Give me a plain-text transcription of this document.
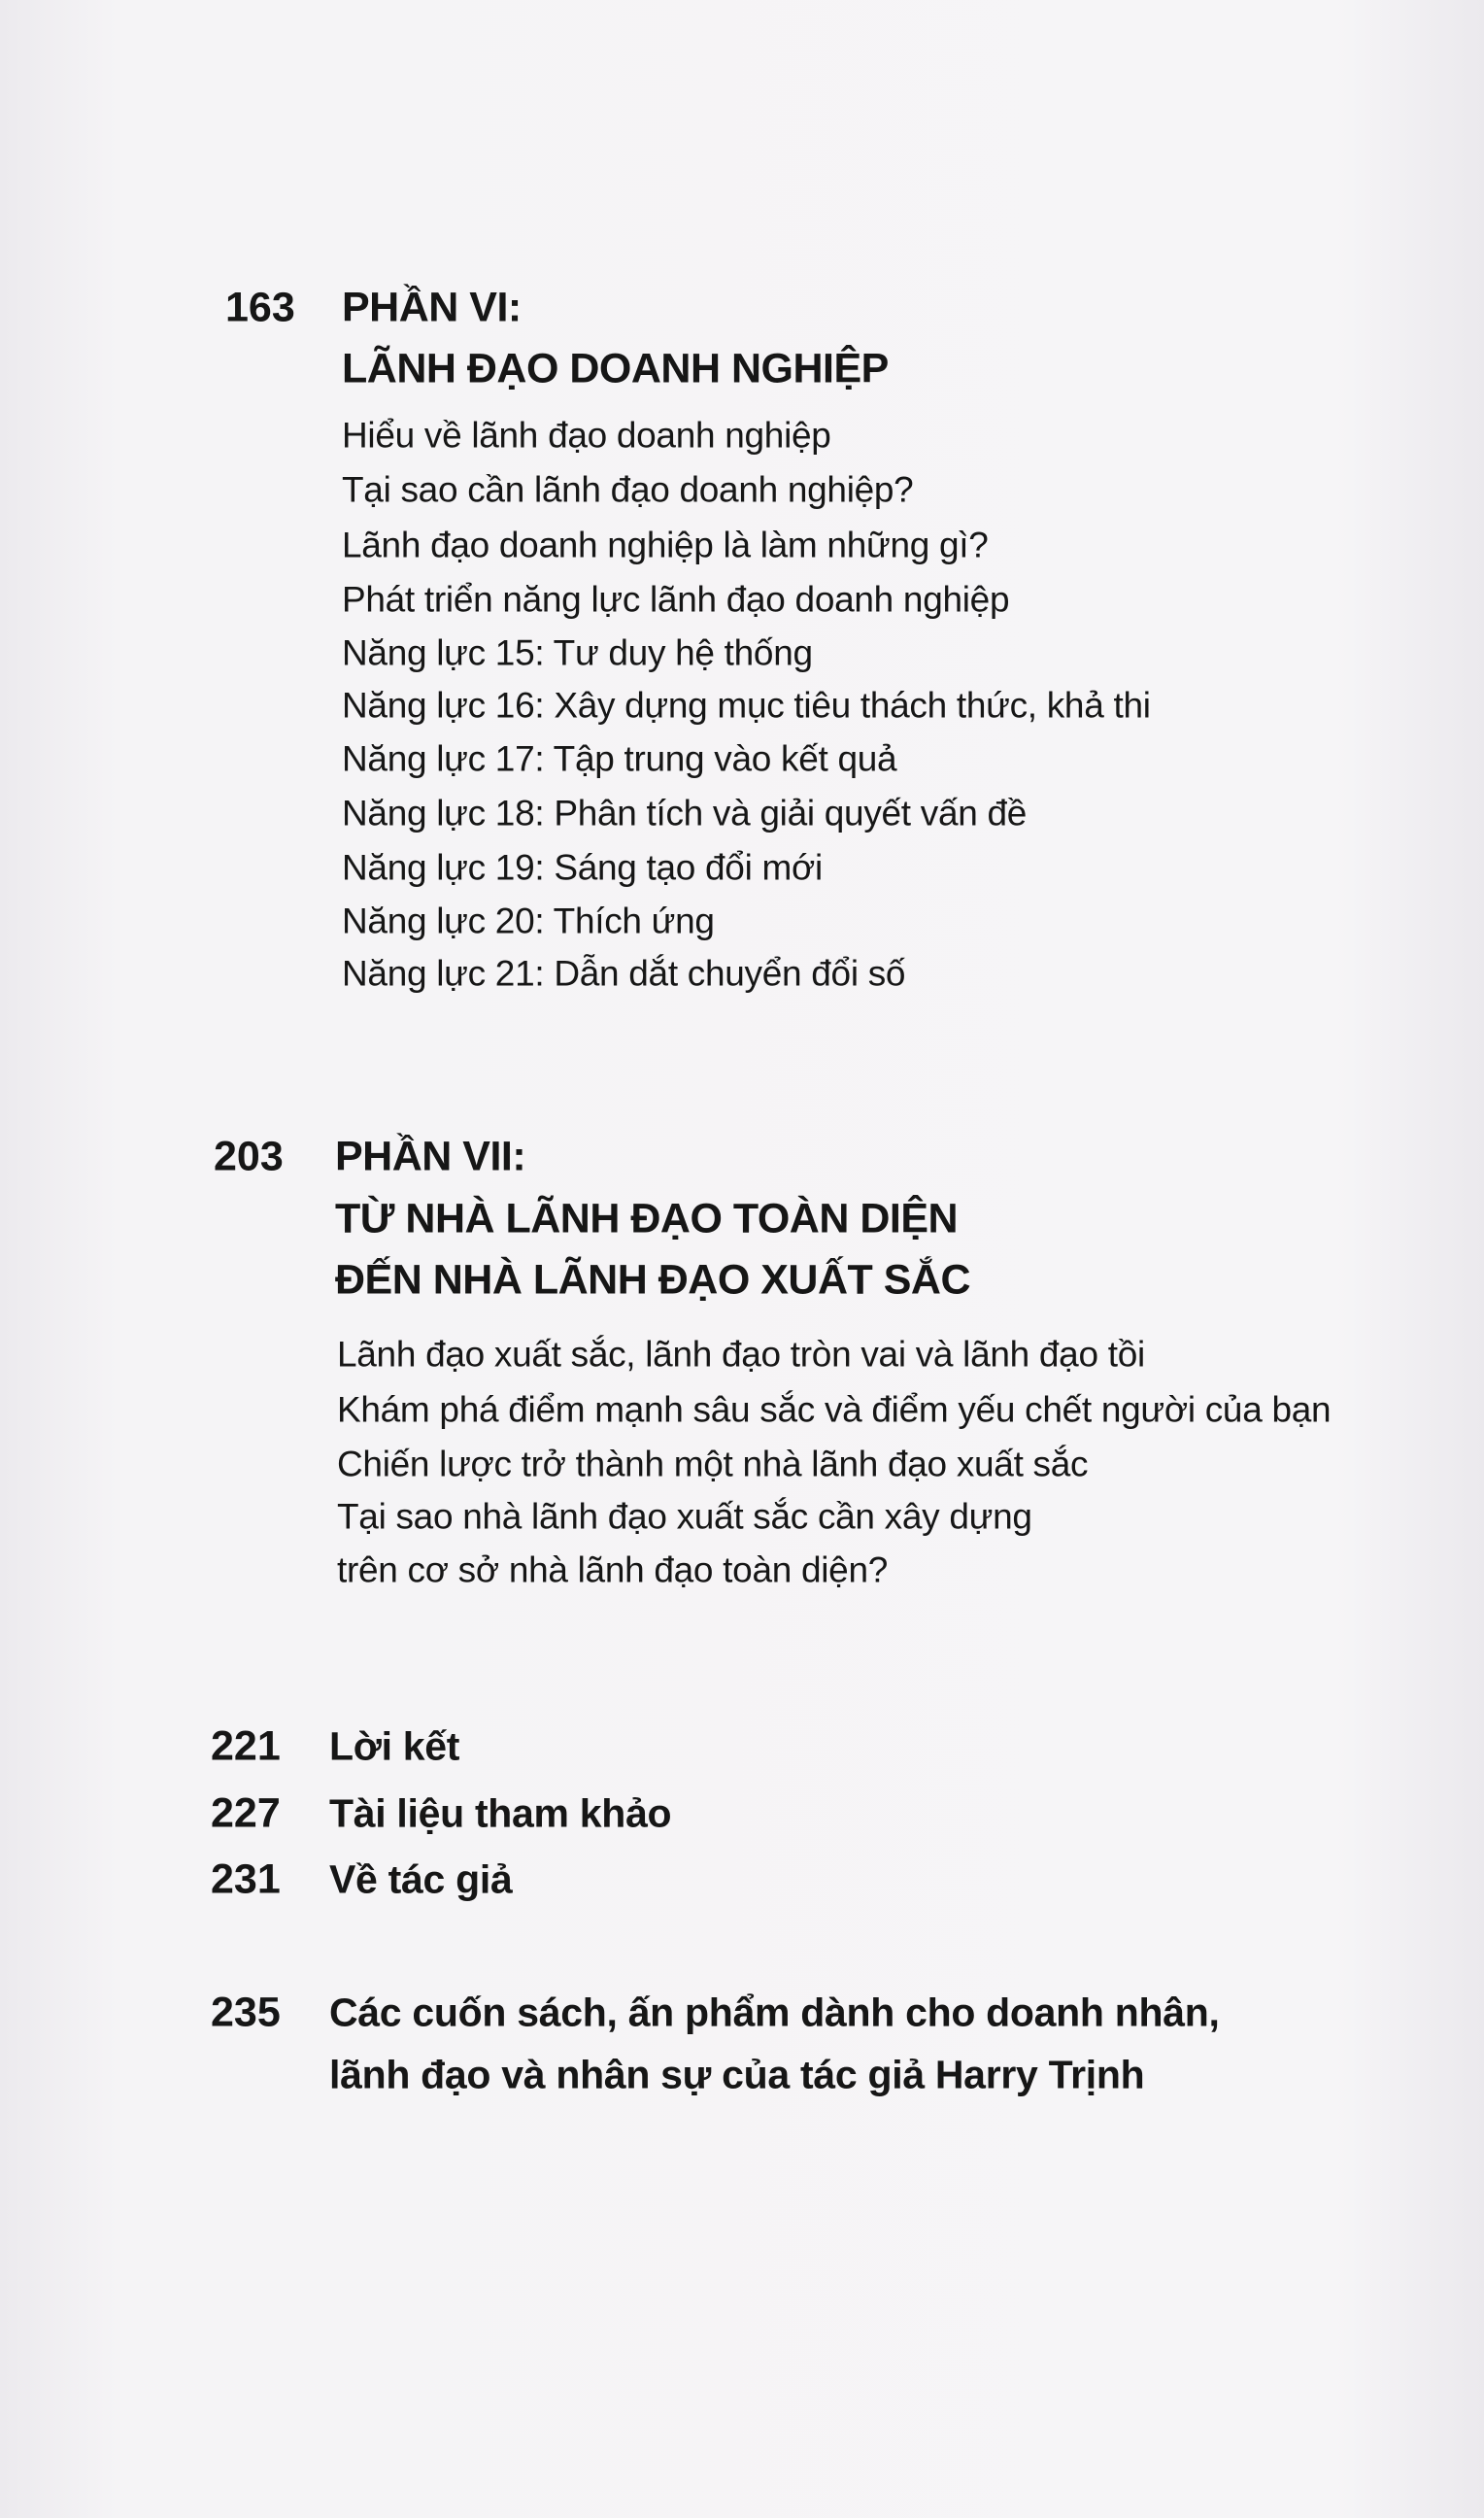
163 PHẦN VI:
LÃNH ĐẠO DOANH NGHIỆP
Hiểu về lãnh đạo doanh nghiệp
Tại sao cần lãnh đạo doanh nghiệp?
Lãnh đạo doanh nghiệp là làm những gì?
Phát triển năng lực lãnh đạo doanh nghiệp
Năng lực 15: Tư duy hệ thống
Năng lực 16: Xây dựng mục tiêu thách thức, khả thi
Năng lực 17: Tập trung vào kết quả
Năng lực 18: Phân tích và giải quyết vấn đề
Năng lực 19: Sáng tạo đổi mới
Năng lực 20: Thích ứng
Năng lực 21: Dẫn dắt chuyển đổi số
203 PHẦN VII:
TỪ NHÀ LÃNH ĐẠO TOÀN DIỆN
ĐẾN NHÀ LÃNH ĐẠO XUẤT SẮC
Lãnh đạo xuất sắc, lãnh đạo tròn vai và lãnh đạo tồi
Khám phá điểm mạnh sâu sắc và điểm yếu chết người của bạn
Chiến lược trở thành một nhà lãnh đạo xuất sắc
Tại sao nhà lãnh đạo xuất sắc cần xây dựng
trên cơ sở nhà lãnh đạo toàn diện?
221 Lời kết
227 Tài liệu tham khảo
231 Về tác giả
235 Các cuốn sách, ấn phẩm dành cho doanh nhân,
lãnh đạo và nhân sự của tác giả Harry Trịnh
